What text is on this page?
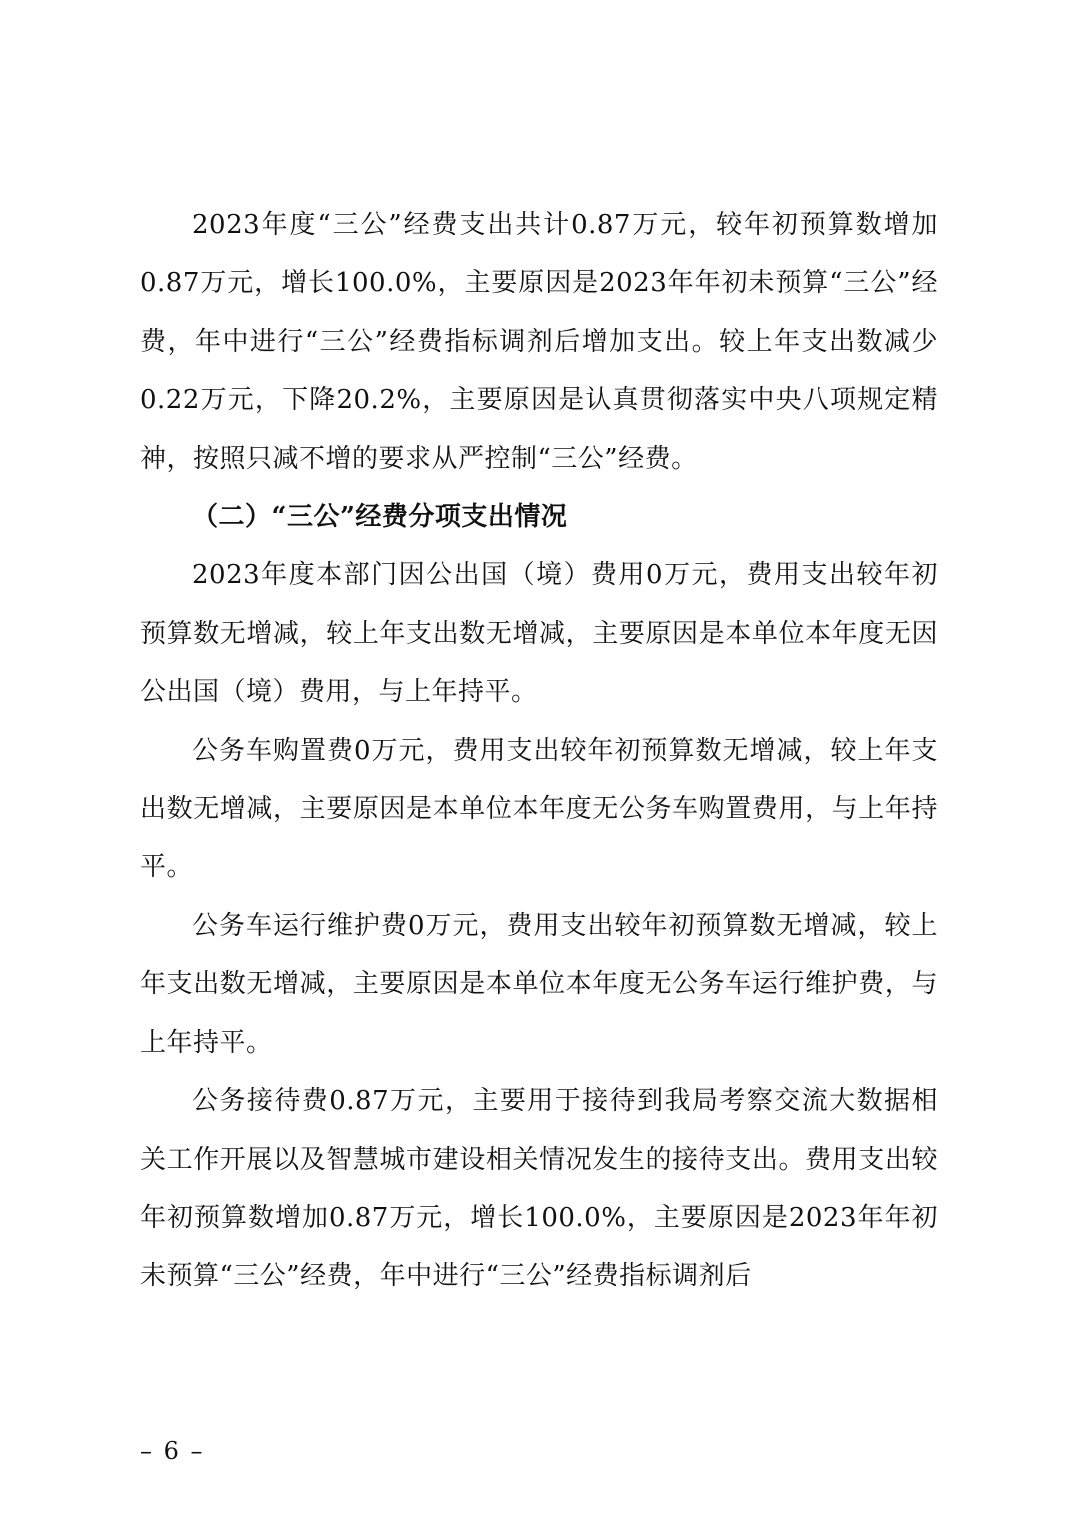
2023年度“三公”经费支出共计0.87万元，较年初预算数增加0.87万元，增长100.0%，主要原因是2023年年初未预算“三公”经费，年中进行“三公”经费指标调剂后增加支出。较上年支出数减少0.22万元，下降20.2%，主要原因是认真贯彻落实中央八项规定精神，按照只减不增的要求从严控制“三公”经费。

（二）“三公”经费分项支出情况

2023年度本部门因公出国（境）费用0万元，费用支出较年初预算数无增减，较上年支出数无增减，主要原因是本单位本年度无因公出国（境）费用，与上年持平。

公务车购置费0万元，费用支出较年初预算数无增减，较上年支出数无增减，主要原因是本单位本年度无公务车购置费用，与上年持平。

公务车运行维护费0万元，费用支出较年初预算数无增减，较上年支出数无增减，主要原因是本单位本年度无公务车运行维护费，与上年持平。

公务接待费0.87万元，主要用于接待到我局考察交流大数据相关工作开展以及智慧城市建设相关情况发生的接待支出。费用支出较年初预算数增加0.87万元，增长100.0%，主要原因是2023年年初未预算“三公”经费，年中进行“三公”经费指标调剂后

– 6 –
